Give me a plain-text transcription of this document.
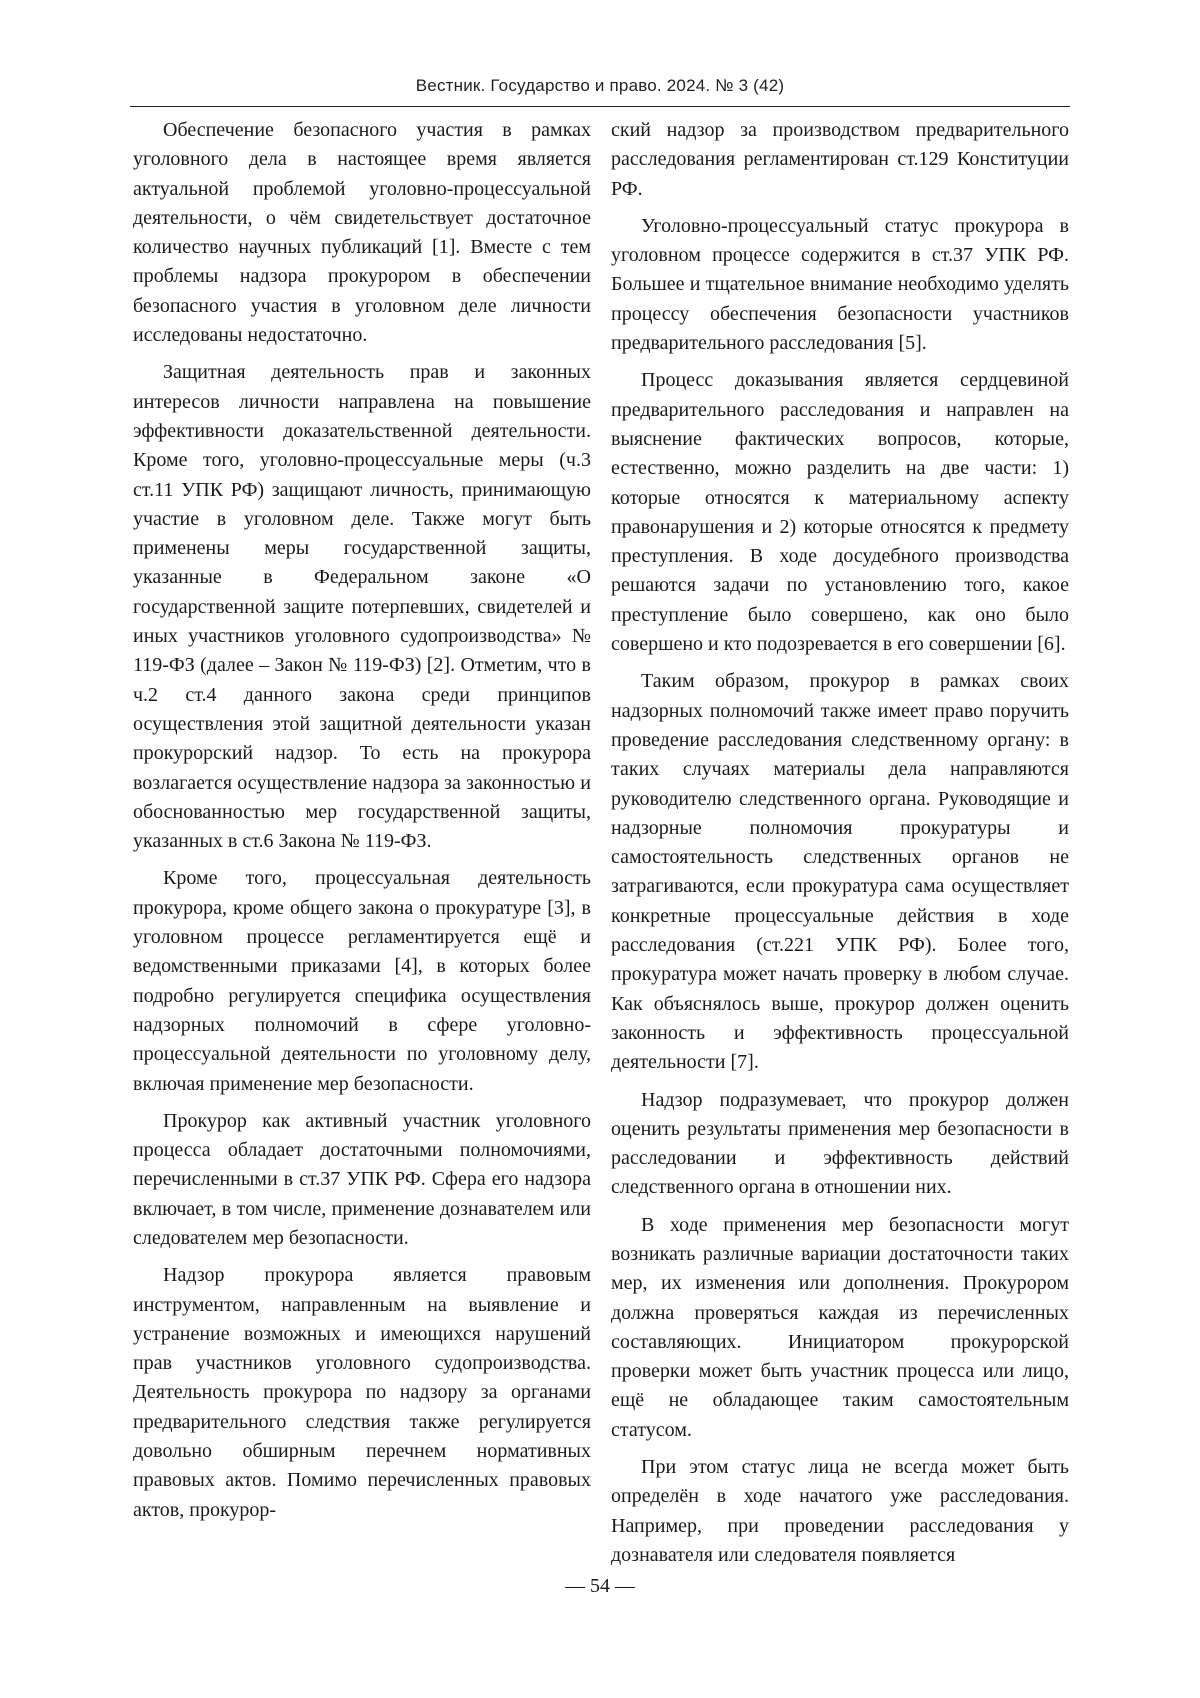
Вестник. Государство и право. 2024. № 3 (42)

Обеспечение безопасного участия в рамках уголовного дела в настоящее время является актуальной проблемой уголовно-процессуальной деятельности, о чём свидетельствует достаточное количество научных публикаций [1]. Вместе с тем проблемы надзора прокурором в обеспечении безопасного участия в уголовном деле личности исследованы недостаточно.

Защитная деятельность прав и законных интересов личности направлена на повышение эффективности доказательственной деятельности. Кроме того, уголовно-процессуальные меры (ч.3 ст.11 УПК РФ) защищают личность, принимающую участие в уголовном деле. Также могут быть применены меры государственной защиты, указанные в Федеральном законе «О государственной защите потерпевших, свидетелей и иных участников уголовного судопроизводства» № 119-ФЗ (далее – Закон № 119-ФЗ) [2]. Отметим, что в ч.2 ст.4 данного закона среди принципов осуществления этой защитной деятельности указан прокурорский надзор. То есть на прокурора возлагается осуществление надзора за законностью и обоснованностью мер государственной защиты, указанных в ст.6 Закона № 119-ФЗ.

Кроме того, процессуальная деятельность прокурора, кроме общего закона о прокуратуре [3], в уголовном процессе регламентируется ещё и ведомственными приказами [4], в которых более подробно регулируется специфика осуществления надзорных полномочий в сфере уголовно-процессуальной деятельности по уголовному делу, включая применение мер безопасности.

Прокурор как активный участник уголовного процесса обладает достаточными полномочиями, перечисленными в ст.37 УПК РФ. Сфера его надзора включает, в том числе, применение дознавателем или следователем мер безопасности.

Надзор прокурора является правовым инструментом, направленным на выявление и устранение возможных и имеющихся нарушений прав участников уголовного судопроизводства. Деятельность прокурора по надзору за органами предварительного следствия также регулируется довольно обширным перечнем нормативных правовых актов. Помимо перечисленных правовых актов, прокурор-

ский надзор за производством предварительного расследования регламентирован ст.129 Конституции РФ.

Уголовно-процессуальный статус прокурора в уголовном процессе содержится в ст.37 УПК РФ. Большее и тщательное внимание необходимо уделять процессу обеспечения безопасности участников предварительного расследования [5].

Процесс доказывания является сердцевиной предварительного расследования и направлен на выяснение фактических вопросов, которые, естественно, можно разделить на две части: 1) которые относятся к материальному аспекту правонарушения и 2) которые относятся к предмету преступления. В ходе досудебного производства решаются задачи по установлению того, какое преступление было совершено, как оно было совершено и кто подозревается в его совершении [6].

Таким образом, прокурор в рамках своих надзорных полномочий также имеет право поручить проведение расследования следственному органу: в таких случаях материалы дела направляются руководителю следственного органа. Руководящие и надзорные полномочия прокуратуры и самостоятельность следственных органов не затрагиваются, если прокуратура сама осуществляет конкретные процессуальные действия в ходе расследования (ст.221 УПК РФ). Более того, прокуратура может начать проверку в любом случае. Как объяснялось выше, прокурор должен оценить законность и эффективность процессуальной деятельности [7].

Надзор подразумевает, что прокурор должен оценить результаты применения мер безопасности в расследовании и эффективность действий следственного органа в отношении них.

В ходе применения мер безопасности могут возникать различные вариации достаточности таких мер, их изменения или дополнения. Прокурором должна проверяться каждая из перечисленных составляющих. Инициатором прокурорской проверки может быть участник процесса или лицо, ещё не обладающее таким самостоятельным статусом.

При этом статус лица не всегда может быть определён в ходе начатого уже расследования. Например, при проведении расследования у дознавателя или следователя появляется

— 54 —
